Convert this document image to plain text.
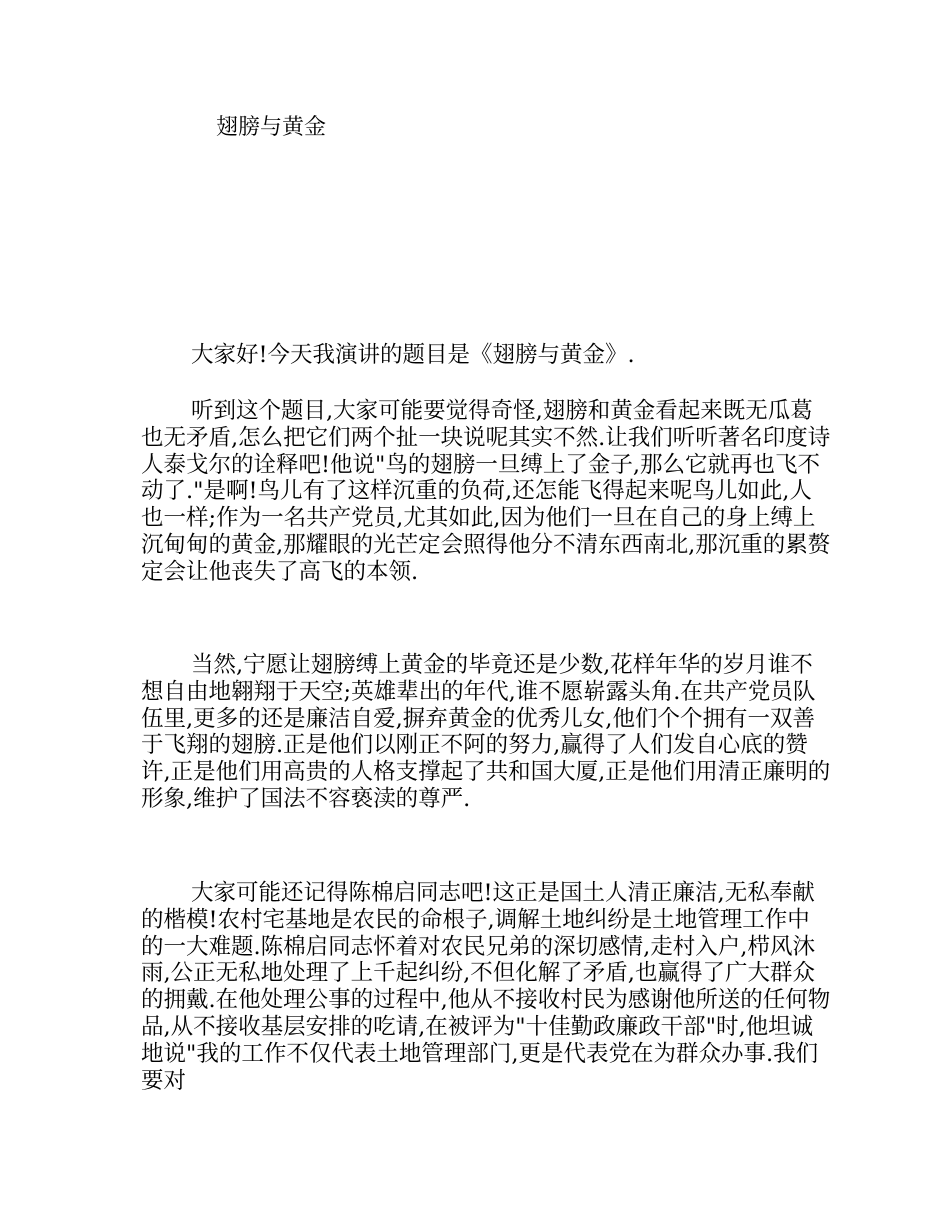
翅膀与黄金

大家好!今天我演讲的题目是《翅膀与黄金》.

听到这个题目,大家可能要觉得奇怪,翅膀和黄金看起来既无瓜葛也无矛盾,怎么把它们两个扯一块说呢其实不然.让我们听听著名印度诗人泰戈尔的诠释吧!他说"鸟的翅膀一旦缚上了金子,那么它就再也飞不动了."是啊!鸟儿有了这样沉重的负荷,还怎能飞得起来呢鸟儿如此,人也一样;作为一名共产党员,尤其如此,因为他们一旦在自己的身上缚上沉甸甸的黄金,那耀眼的光芒定会照得他分不清东西南北,那沉重的累赘定会让他丧失了高飞的本领.

当然,宁愿让翅膀缚上黄金的毕竟还是少数,花样年华的岁月谁不想自由地翱翔于天空;英雄辈出的年代,谁不愿崭露头角.在共产党员队伍里,更多的还是廉洁自爱,摒弃黄金的优秀儿女,他们个个拥有一双善于飞翔的翅膀.正是他们以刚正不阿的努力,赢得了人们发自心底的赞许,正是他们用高贵的人格支撑起了共和国大厦,正是他们用清正廉明的形象,维护了国法不容亵渎的尊严.

大家可能还记得陈棉启同志吧!这正是国土人清正廉洁,无私奉献的楷模!农村宅基地是农民的命根子,调解土地纠纷是土地管理工作中的一大难题.陈棉启同志怀着对农民兄弟的深切感情,走村入户,栉风沐雨,公正无私地处理了上千起纠纷,不但化解了矛盾,也赢得了广大群众的拥戴.在他处理公事的过程中,他从不接收村民为感谢他所送的任何物品,从不接收基层安排的吃请,在被评为"十佳勤政廉政干部"时,他坦诚地说"我的工作不仅代表土地管理部门,更是代表党在为群众办事.我们要对
